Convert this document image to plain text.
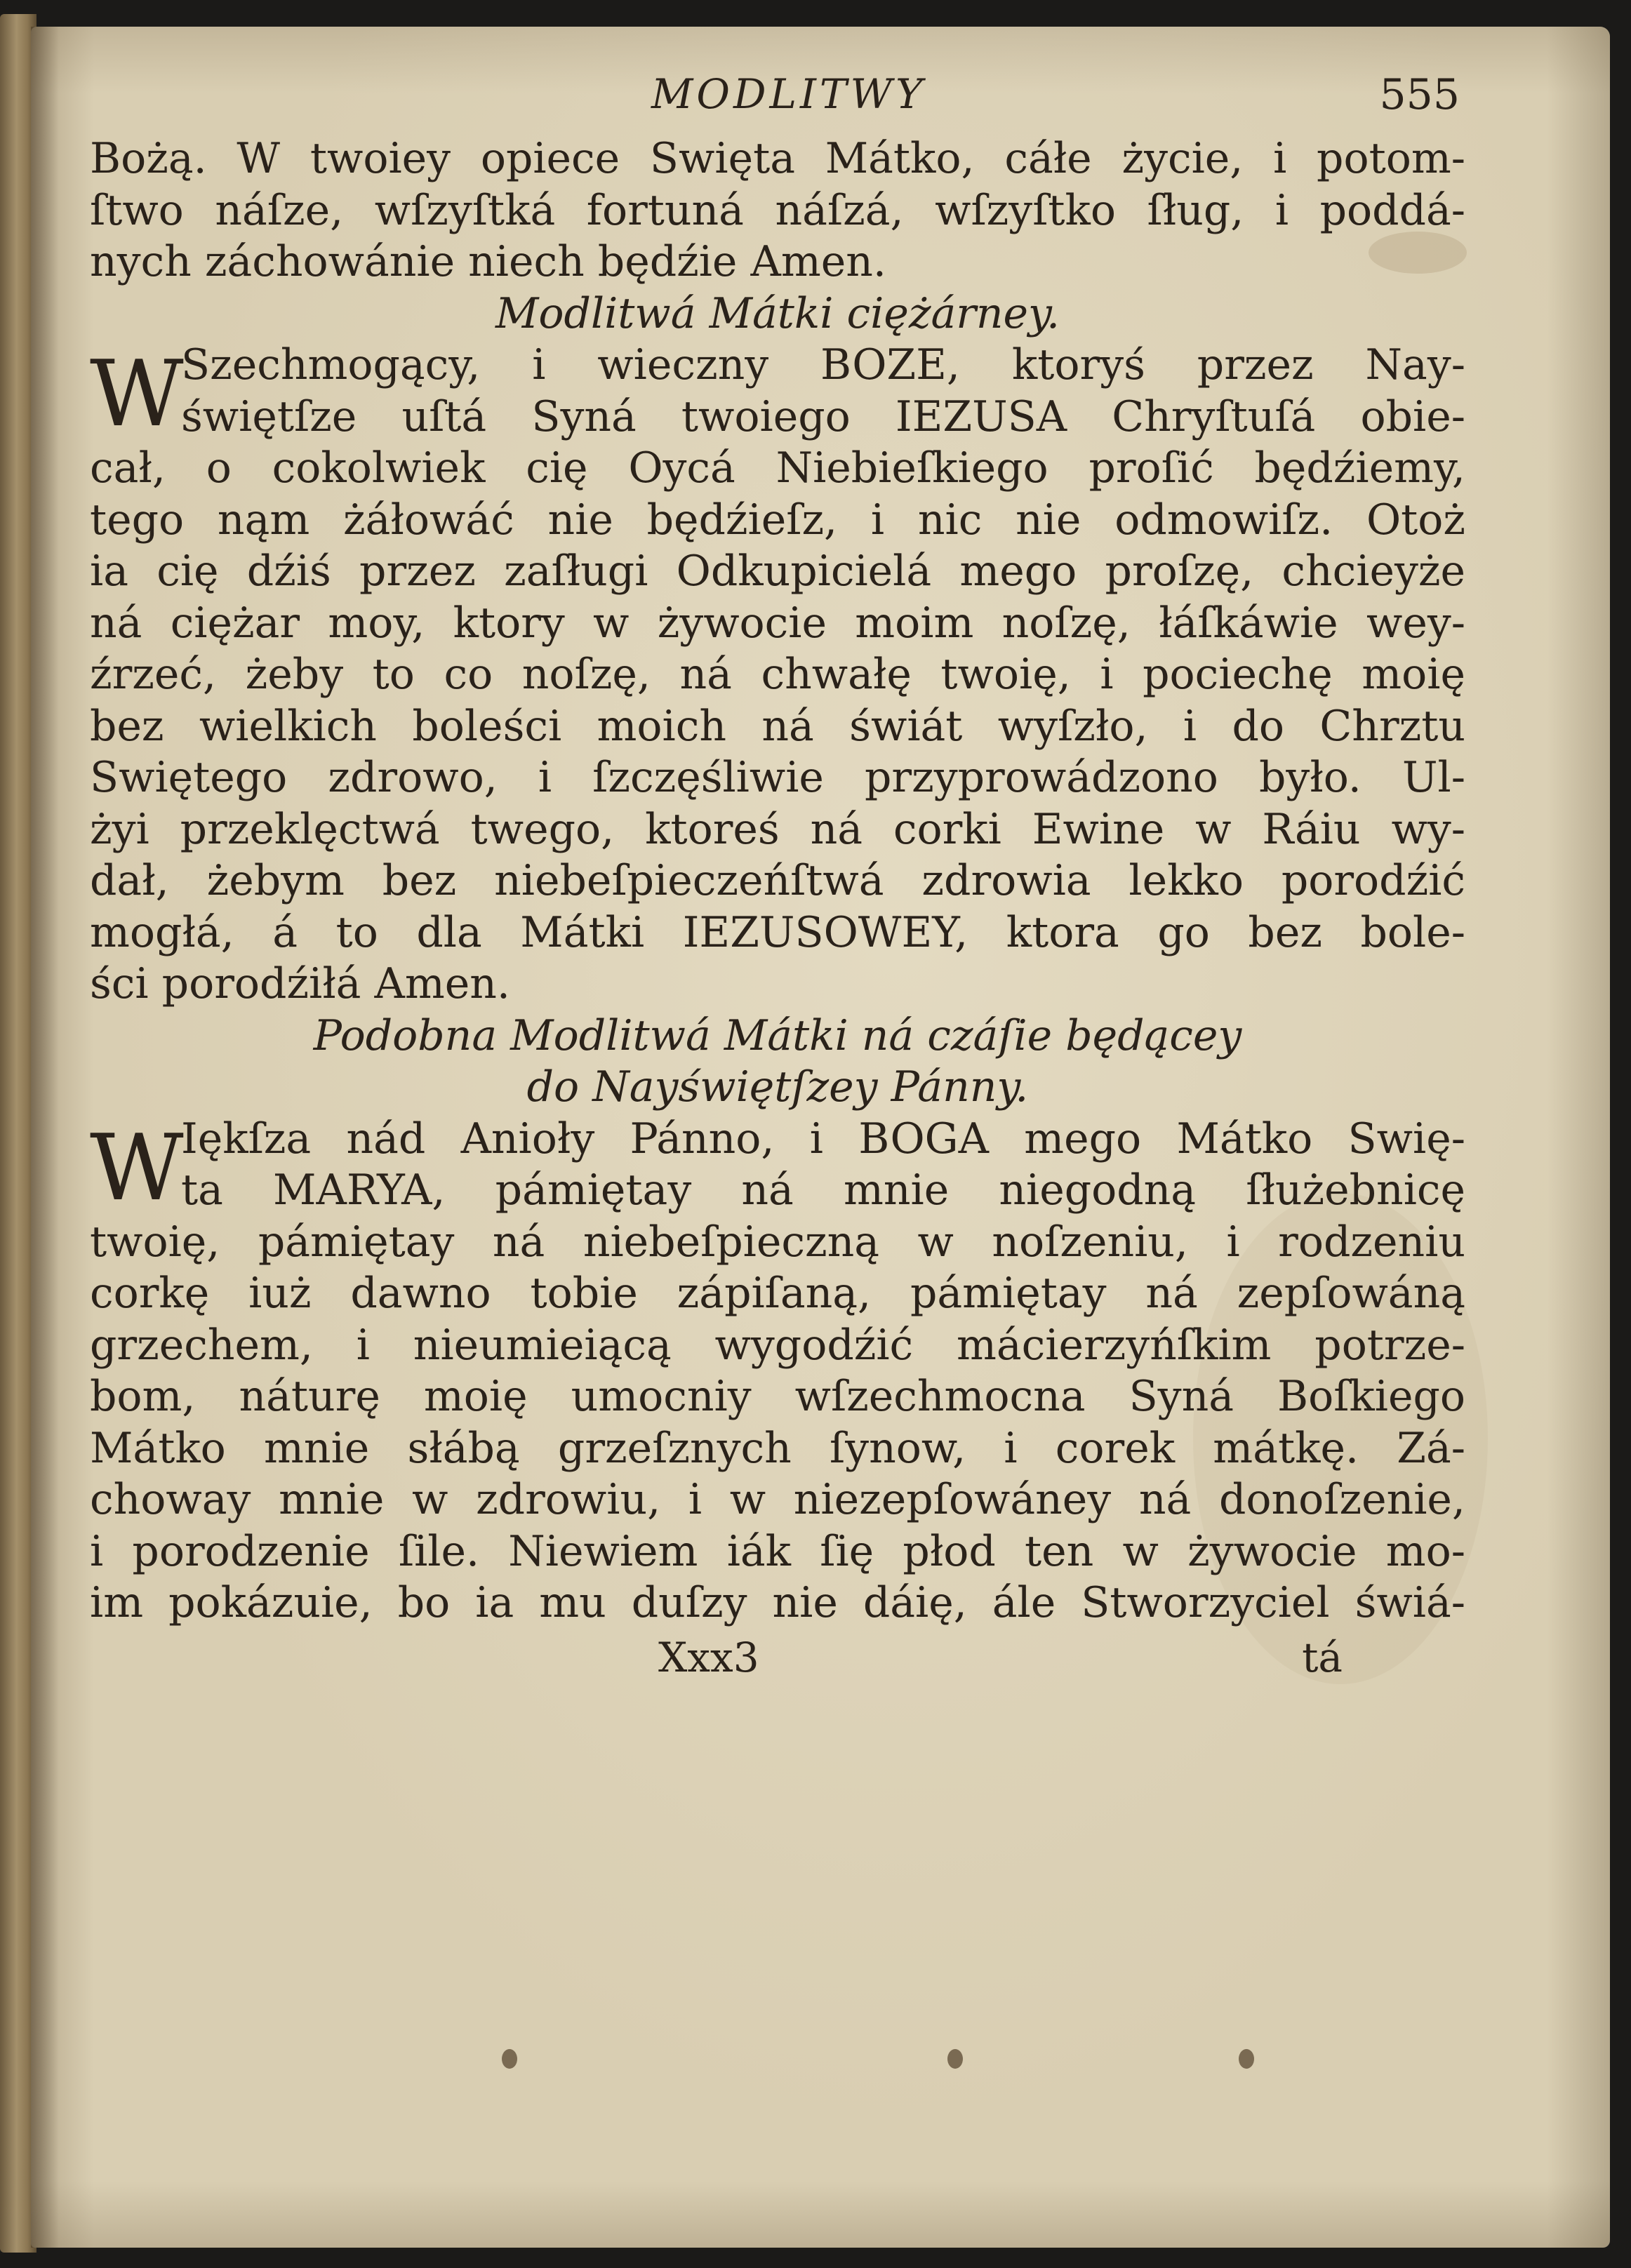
MODLITWY	555
Bożą. W twoiey opiece Swięta Mátko, cáłe życie, i potom-
ſtwo náſze, wſzyſtká fortuná náſzá, wſzyſtko ſług, i poddá-
nych záchowánie niech będźie Amen.
Modlitwá Mátki ciężárney.
W
Szechmogący, i wieczny BOZE, ktoryś przez Nay-
świętſze uſtá Syná twoiego IEZUSA Chryſtuſá obie-
cał, o cokolwiek cię Oycá Niebieſkiego proſić będźiemy,
tego nąm żáłowáć nie będźieſz, i nic nie odmowiſz. Otoż
ia cię dźiś przez zaſługi Odkupicielá mego proſzę, chcieyże
ná ciężar moy, ktory w żywocie moim noſzę, łáſkáwie wey-
źrzeć, żeby to co noſzę, ná chwałę twoię, i pociechę moię
bez wielkich boleści moich ná świát wyſzło, i do Chrztu
Swiętego zdrowo, i ſzczęśliwie przyprowádzono było. Ul-
żyi przeklęctwá twego, ktoreś ná corki Ewine w Ráiu wy-
dał, żebym bez niebeſpieczeńſtwá zdrowia lekko porodźić
mogłá, á to dla Mátki IEZUSOWEY, ktora go bez bole-
ści porodźiłá Amen.
Podobna Modlitwá Mátki ná czáſie będącey
do Nayświętſzey Pánny.
W
Iękſza nád Anioły Pánno, i BOGA mego Mátko Swię-
ta MARYA, pámiętay ná mnie niegodną ſłużebnicę
twoię, pámiętay ná niebeſpieczną w noſzeniu, i rodzeniu
corkę iuż dawno tobie zápiſaną, pámiętay ná zepſowáną
grzechem, i nieumieiącą wygodźić mácierzyńſkim potrze-
bom, náturę moię umocniy wſzechmocna Syná Boſkiego
Mátko mnie słábą grzeſznych ſynow, i corek mátkę. Zá-
choway mnie w zdrowiu, i w niezepſowáney ná donoſzenie,
i porodzenie ſile. Niewiem iák ſię płod ten w żywocie mo-
im pokázuie, bo ia mu duſzy nie dáię, ále Stworzyciel świá-
Xxx3	tá
